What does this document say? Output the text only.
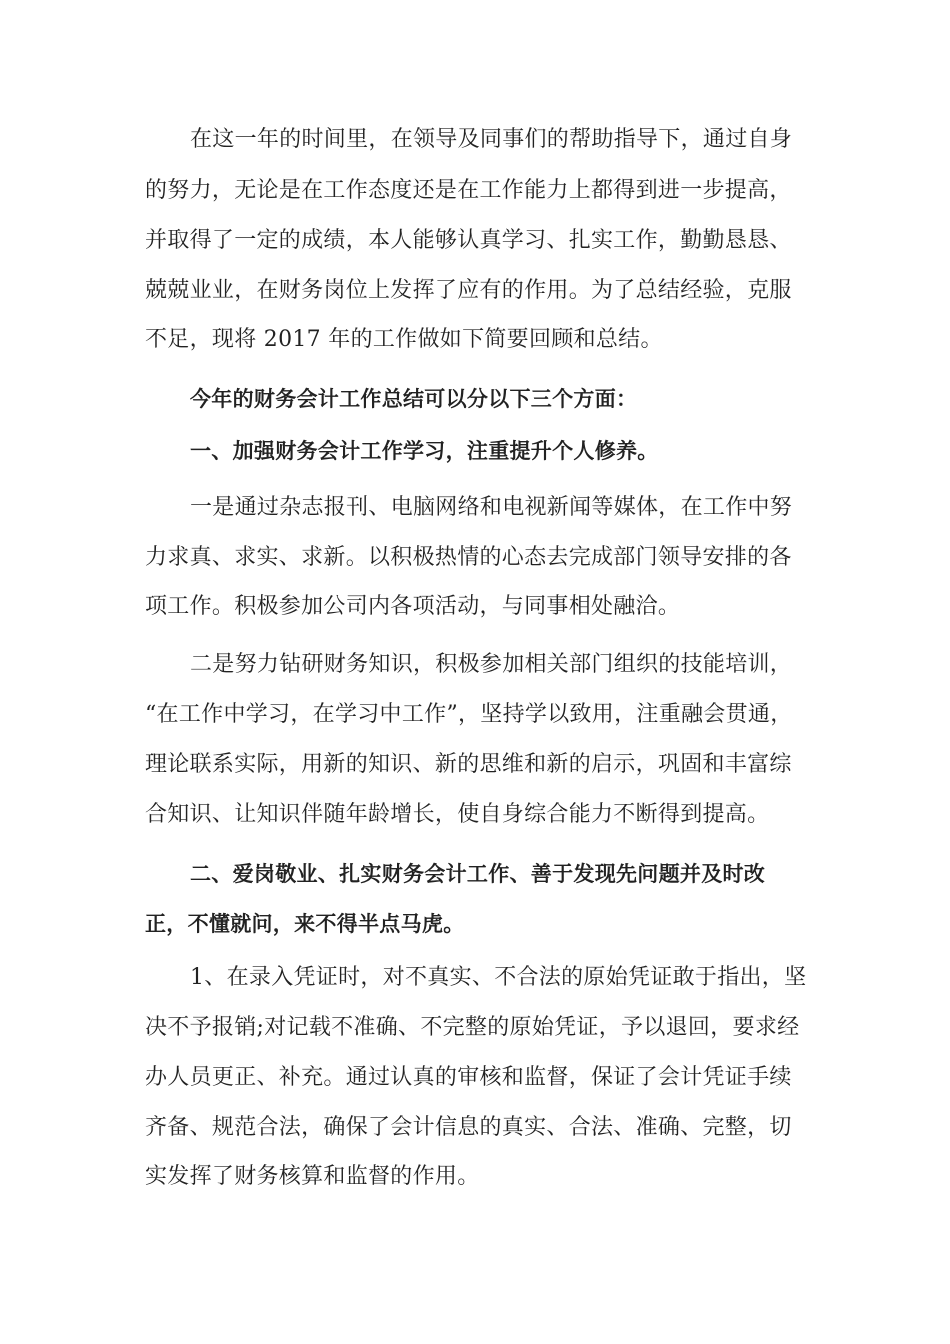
在这一年的时间里，在领导及同事们的帮助指导下，通过自身
的努力，无论是在工作态度还是在工作能力上都得到进一步提高，
并取得了一定的成绩，本人能够认真学习、扎实工作，勤勤恳恳、
兢兢业业，在财务岗位上发挥了应有的作用。为了总结经验，克服
不足，现将 2017 年的工作做如下简要回顾和总结。
今年的财务会计工作总结可以分以下三个方面：
一、加强财务会计工作学习，注重提升个人修养。
一是通过杂志报刊、电脑网络和电视新闻等媒体，在工作中努
力求真、求实、求新。以积极热情的心态去完成部门领导安排的各
项工作。积极参加公司内各项活动，与同事相处融洽。
二是努力钻研财务知识，积极参加相关部门组织的技能培训，
“在工作中学习，在学习中工作”，坚持学以致用，注重融会贯通，
理论联系实际，用新的知识、新的思维和新的启示，巩固和丰富综
合知识、让知识伴随年龄增长，使自身综合能力不断得到提高。
二、爱岗敬业、扎实财务会计工作、善于发现先问题并及时改
正，不懂就问，来不得半点马虎。
1、在录入凭证时，对不真实、不合法的原始凭证敢于指出，坚
决不予报销;对记载不准确、不完整的原始凭证，予以退回，要求经
办人员更正、补充。通过认真的审核和监督，保证了会计凭证手续
齐备、规范合法，确保了会计信息的真实、合法、准确、完整，切
实发挥了财务核算和监督的作用。
